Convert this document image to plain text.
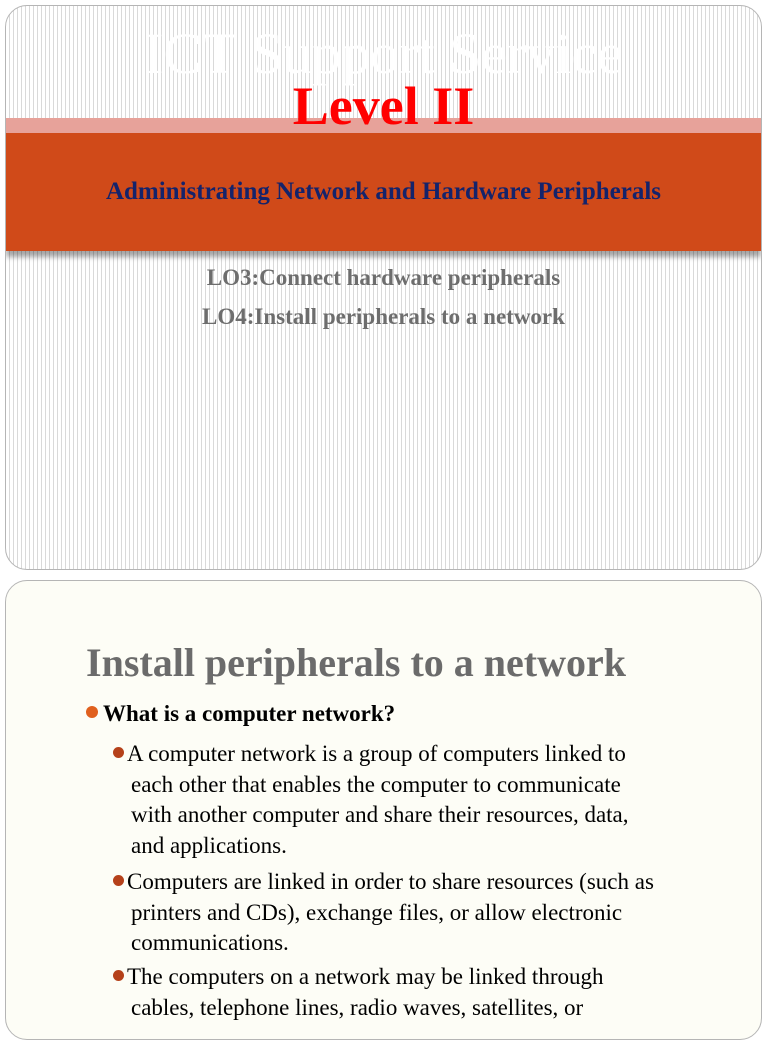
ICT Support Service
Level II
Administrating Network and Hardware Peripherals
LO3:Connect hardware peripherals
LO4:Install peripherals to a network
Install peripherals to a network
What is a computer network?
A computer network is a group of computers linked to
each other that enables the computer to communicate
with another computer and share their resources, data,
and applications.
Computers are linked in order to share resources (such as
printers and CDs), exchange files, or allow electronic
communications.
The computers on a network may be linked through
cables, telephone lines, radio waves, satellites, or
